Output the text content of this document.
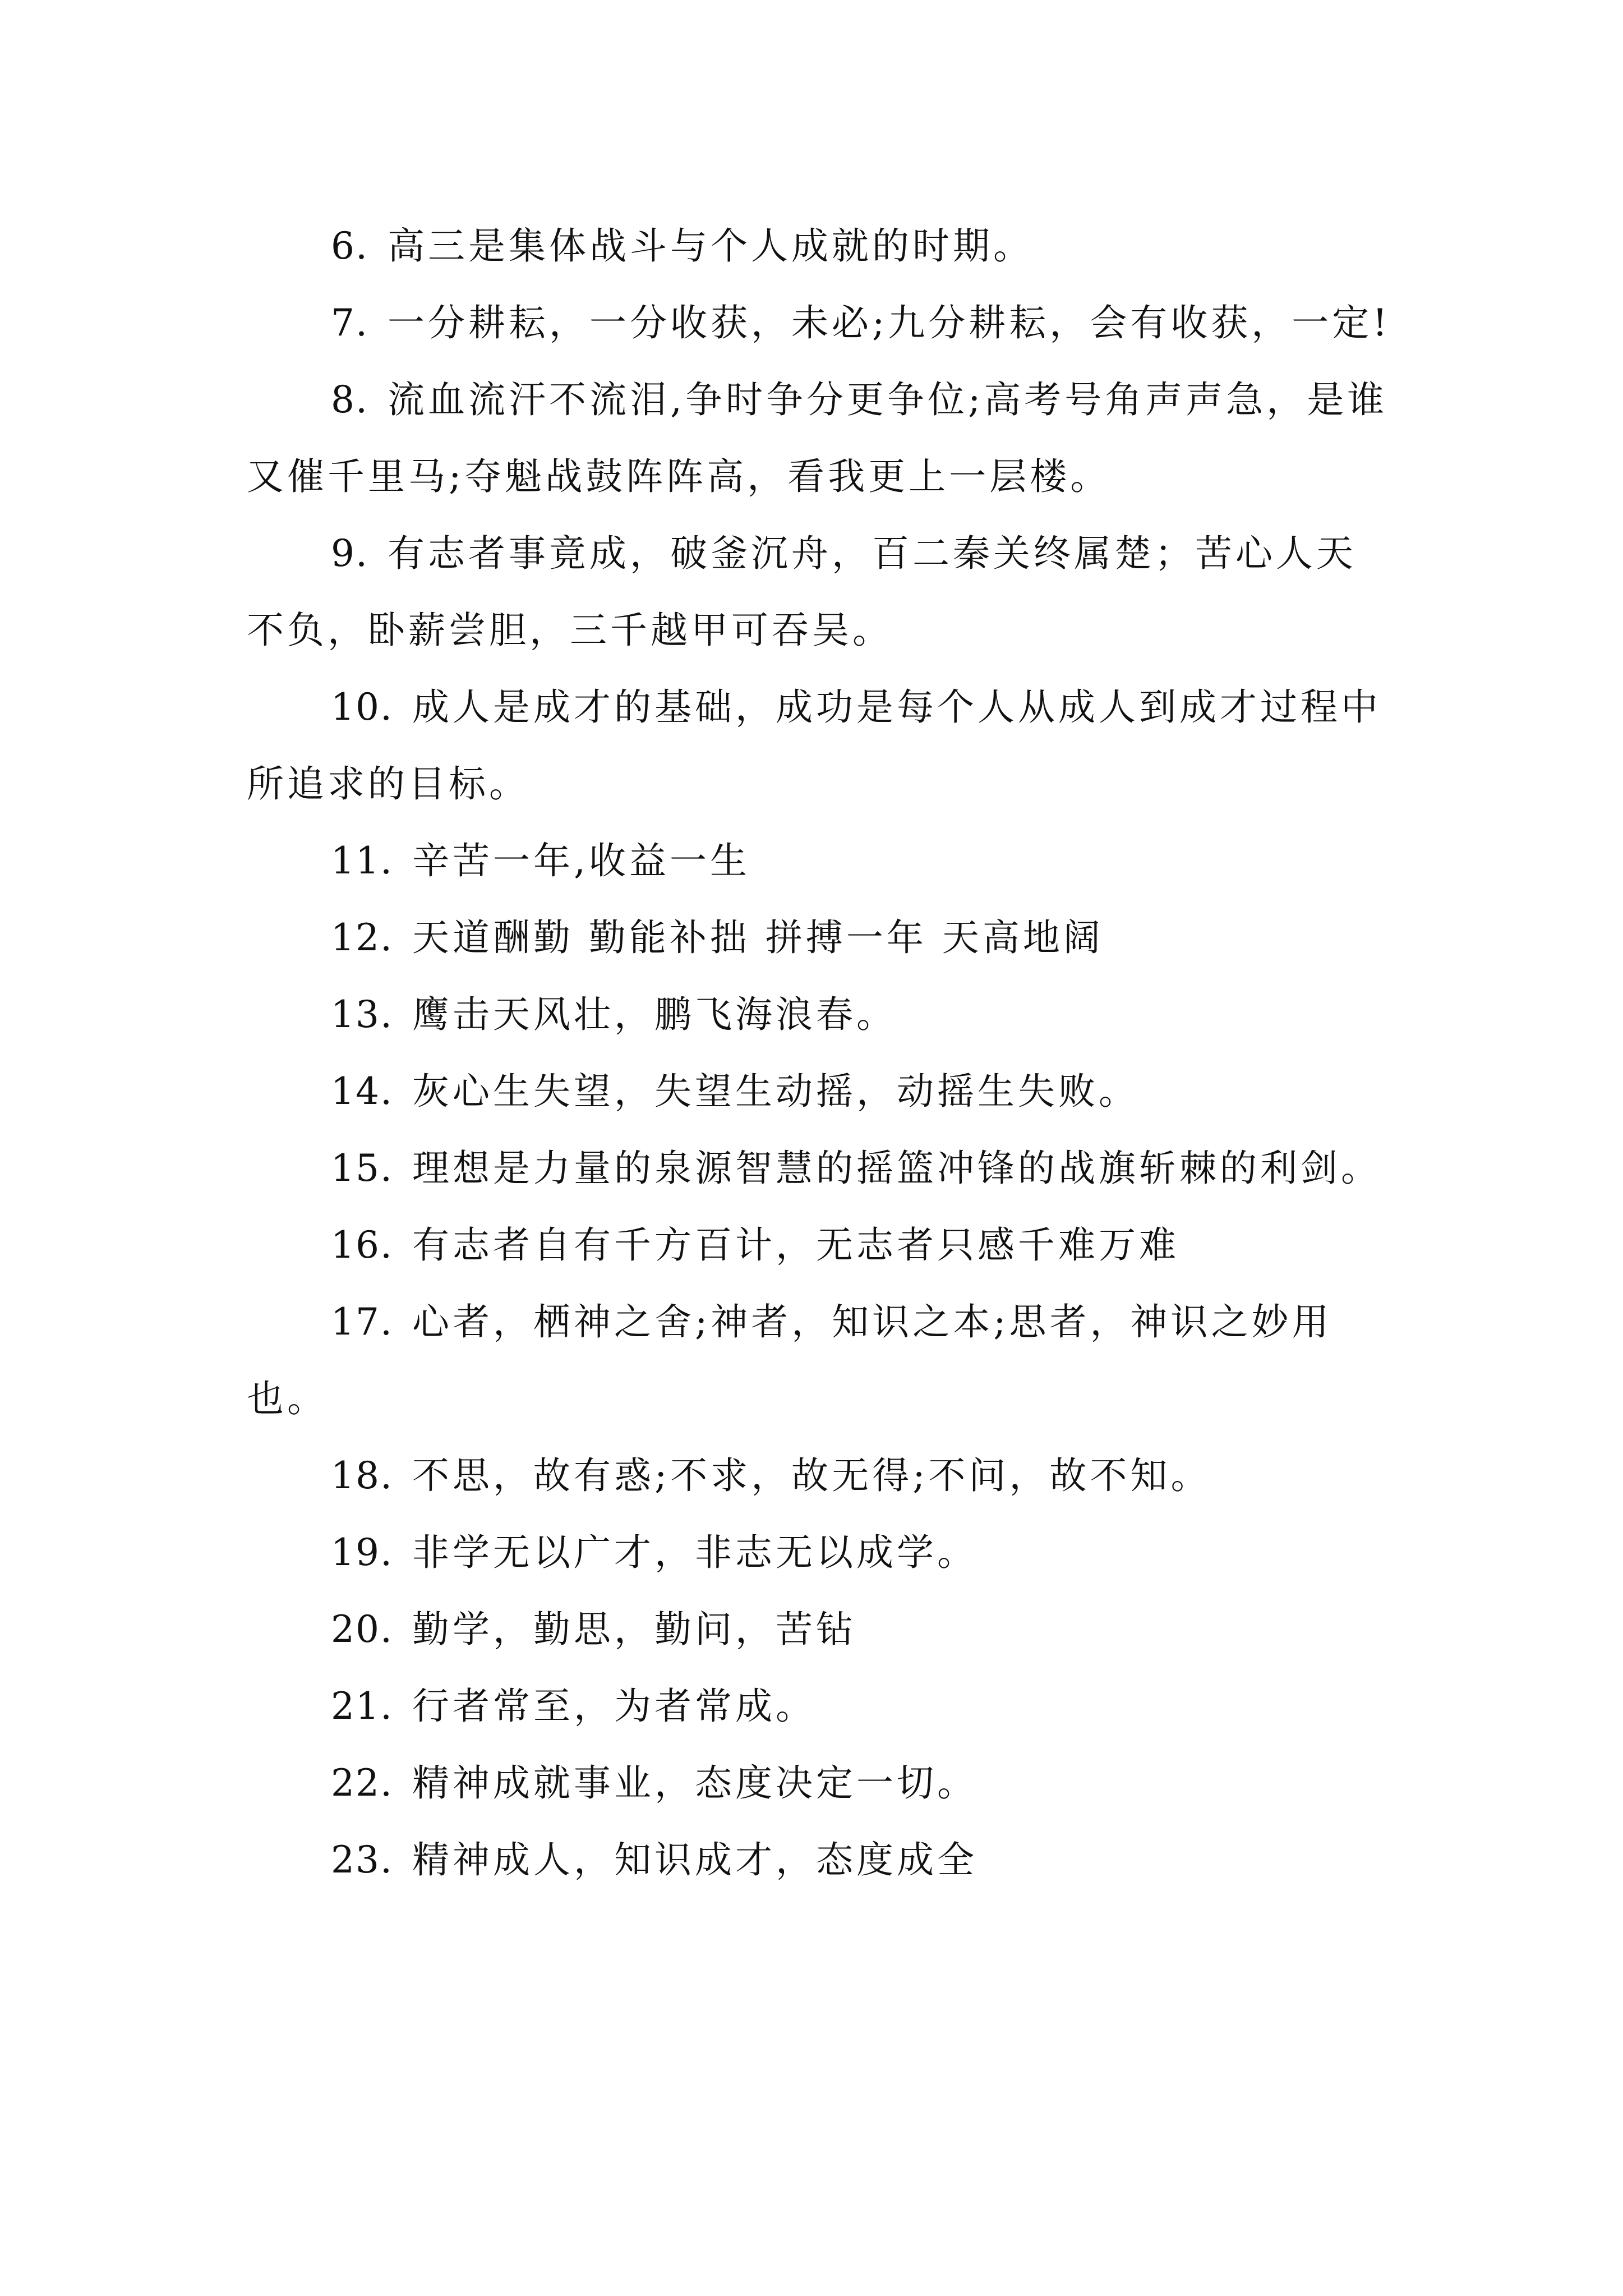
6. 高三是集体战斗与个人成就的时期。

7. 一分耕耘，一分收获，未必;九分耕耘，会有收获，一定!

8. 流血流汗不流泪,争时争分更争位;高考号角声声急，是谁又催千里马;夺魁战鼓阵阵高，看我更上一层楼。

9. 有志者事竟成，破釜沉舟，百二秦关终属楚；苦心人天不负，卧薪尝胆，三千越甲可吞吴。

10. 成人是成才的基础，成功是每个人从成人到成才过程中所追求的目标。

11. 辛苦一年,收益一生

12. 天道酬勤 勤能补拙 拼搏一年 天高地阔

13. 鹰击天风壮，鹏飞海浪春。

14. 灰心生失望，失望生动摇，动摇生失败。

15. 理想是力量的泉源智慧的摇篮冲锋的战旗斩棘的利剑。

16. 有志者自有千方百计，无志者只感千难万难

17. 心者，栖神之舍;神者，知识之本;思者，神识之妙用也。

18. 不思，故有惑;不求，故无得;不问，故不知。

19. 非学无以广才，非志无以成学。

20. 勤学，勤思，勤问，苦钻

21. 行者常至，为者常成。

22. 精神成就事业，态度决定一切。

23. 精神成人，知识成才，态度成全
